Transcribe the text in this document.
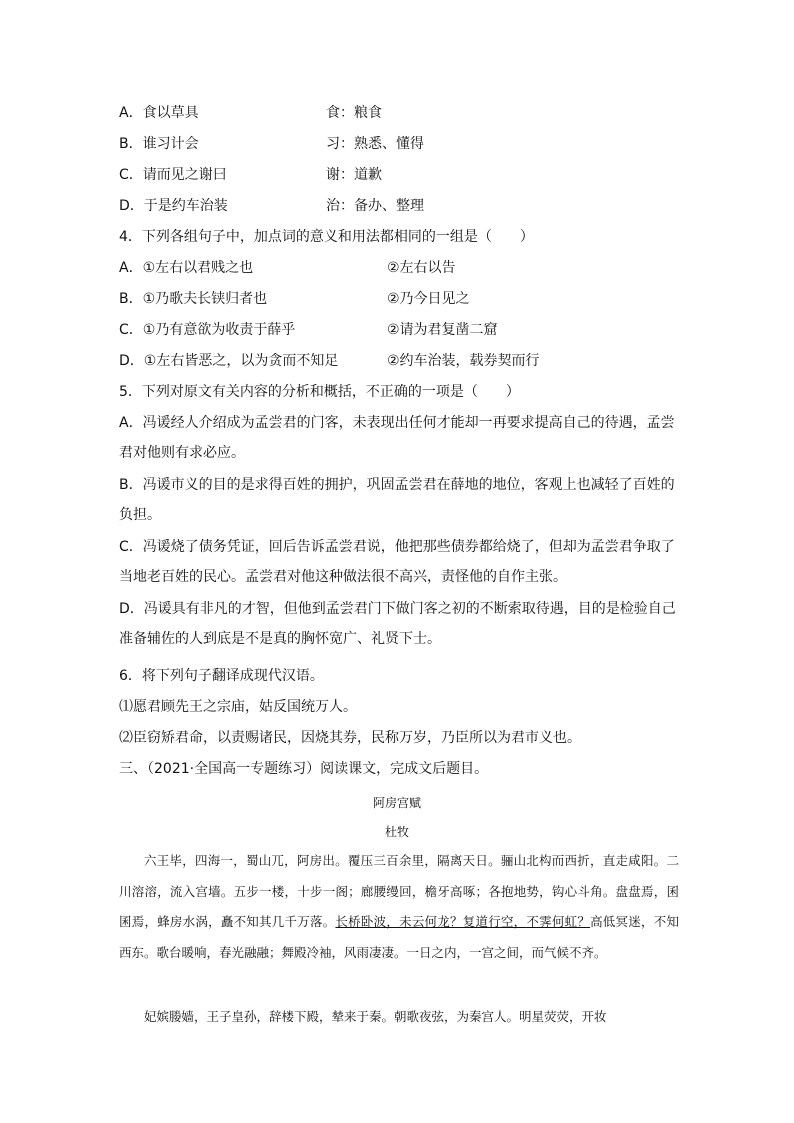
A．食以草具	食：粮食
B．谁习计会	习：熟悉、懂得
C．请而见之谢曰	谢：道歉
D．于是约车治装	治：备办、整理
4．下列各组句子中，加点词的意义和用法都相同的一组是（　　）
A．①左右以君贱之也	②左右以告
B．①乃歌夫长铗归者也	②乃今日见之
C．①乃有意欲为收责于薛乎	②请为君复凿二窟
D．①左右皆恶之，以为贪而不知足	②约车治装，载券契而行
5．下列对原文有关内容的分析和概括，不正确的一项是（　　）
A．冯谖经人介绍成为孟尝君的门客，未表现出任何才能却一再要求提高自己的待遇，孟尝君对他则有求必应。
B．冯谖市义的目的是求得百姓的拥护，巩固孟尝君在薛地的地位，客观上也减轻了百姓的负担。
C．冯谖烧了债务凭证，回后告诉孟尝君说，他把那些债券都给烧了，但却为孟尝君争取了当地老百姓的民心。孟尝君对他这种做法很不高兴，责怪他的自作主张。
D．冯谖具有非凡的才智，但他到孟尝君门下做门客之初的不断索取待遇，目的是检验自己准备辅佐的人到底是不是真的胸怀宽广、礼贤下士。
6．将下列句子翻译成现代汉语。
⑴愿君顾先王之宗庙，姑反国统万人。
⑵臣窃矫君命，以责赐诸民，因烧其券，民称万岁，乃臣所以为君市义也。
三、（2021·全国高一专题练习）阅读课文，完成文后题目。
阿房宫赋
杜牧
六王毕，四海一，蜀山兀，阿房出。覆压三百余里，隔离天日。骊山北构而西折，直走咸阳。二川溶溶，流入宫墙。五步一楼，十步一阁；廊腰缦回，檐牙高啄；各抱地势，钩心斗角。盘盘焉，囷囷焉，蜂房水涡，矗不知其几千万落。长桥卧波，未云何龙？复道行空，不霁何虹？高低冥迷，不知西东。歌台暖响，春光融融；舞殿冷袖，风雨凄凄。一日之内，一宫之间，而气候不齐。
妃嫔媵嫱，王子皇孙，辞楼下殿，辇来于秦。朝歌夜弦，为秦宫人。明星荧荧，开妆
